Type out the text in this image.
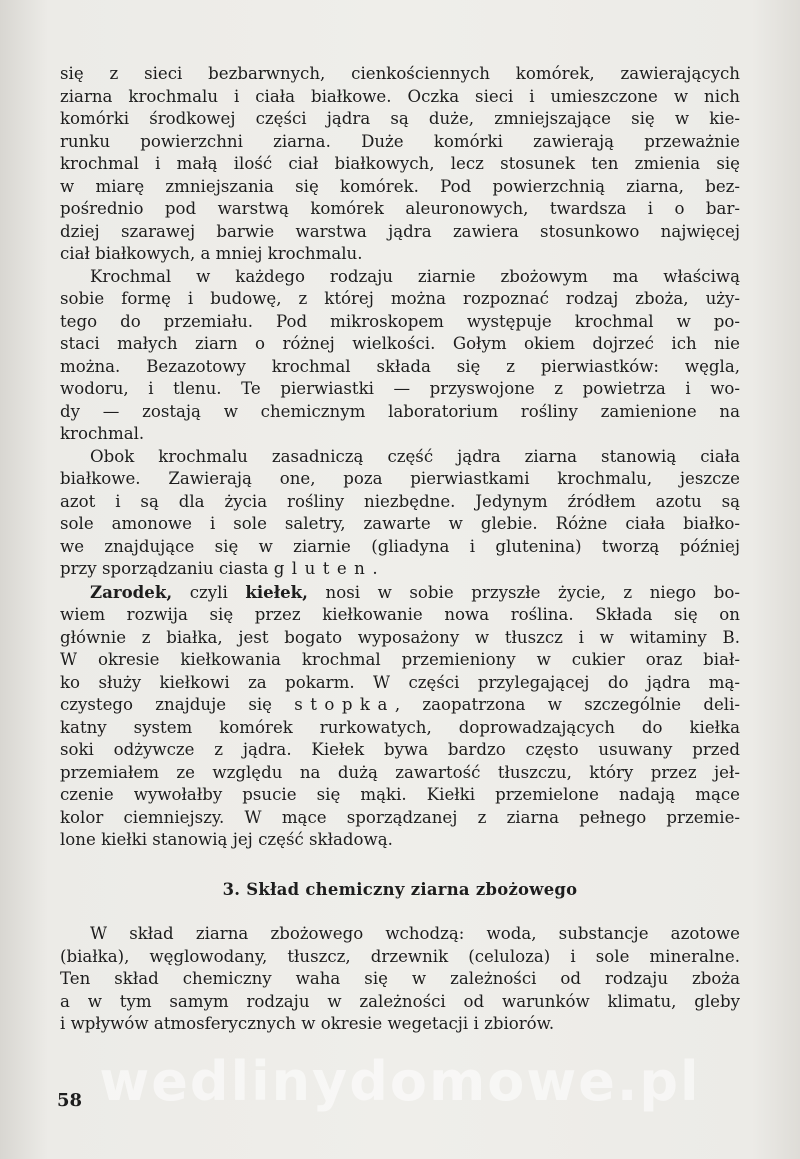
się z sieci bezbarwnych, cienkościennych komórek, zawierających
ziarna krochmalu i ciała białkowe. Oczka sieci i umieszczone w nich
komórki środkowej części jądra są duże, zmniejszające się w kie-
runku powierzchni ziarna. Duże komórki zawierają przeważnie
krochmal i małą ilość ciał białkowych, lecz stosunek ten zmienia się
w miarę zmniejszania się komórek. Pod powierzchnią ziarna, bez-
pośrednio pod warstwą komórek aleuronowych, twardsza i o bar-
dziej szarawej barwie warstwa jądra zawiera stosunkowo najwięcej
ciał białkowych, a mniej krochmalu.

Krochmal w każdego rodzaju ziarnie zbożowym ma właściwą
sobie formę i budowę, z której można rozpoznać rodzaj zboża, uży-
tego do przemiału. Pod mikroskopem występuje krochmal w po-
staci małych ziarn o różnej wielkości. Gołym okiem dojrzeć ich nie
można. Bezazotowy krochmal składa się z pierwiastków: węgla,
wodoru, i tlenu. Te pierwiastki — przyswojone z powietrza i wo-
dy — zostają w chemicznym laboratorium rośliny zamienione na
krochmal.

Obok krochmalu zasadniczą część jądra ziarna stanowią ciała
białkowe. Zawierają one, poza pierwiastkami krochmalu, jeszcze
azot i są dla życia rośliny niezbędne. Jedynym źródłem azotu są
sole amonowe i sole saletry, zawarte w glebie. Różne ciała białko-
we znajdujące się w ziarnie (gliadyna i glutenina) tworzą później
przy sporządzaniu ciasta gluten.

Zarodek, czyli kiełek, nosi w sobie przyszłe życie, z niego bo-
wiem rozwija się przez kiełkowanie nowa roślina. Składa się on
głównie z białka, jest bogato wyposażony w tłuszcz i w witaminy B.
W okresie kiełkowania krochmal przemieniony w cukier oraz biał-
ko służy kiełkowi za pokarm. W części przylegającej do jądra mą-
czystego znajduje się stopka, zaopatrzona w szczególnie deli-
katny system komórek rurkowatych, doprowadzających do kiełka
soki odżywcze z jądra. Kiełek bywa bardzo często usuwany przed
przemiałem ze względu na dużą zawartość tłuszczu, który przez jeł-
czenie wywołałby psucie się mąki. Kiełki przemielone nadają mące
kolor ciemniejszy. W mące sporządzanej z ziarna pełnego przemie-
lone kiełki stanowią jej część składową.

3. Skład chemiczny ziarna zbożowego

W skład ziarna zbożowego wchodzą: woda, substancje azotowe
(białka), węglowodany, tłuszcz, drzewnik (celuloza) i sole mineralne.
Ten skład chemiczny waha się w zależności od rodzaju zboża
a w tym samym rodzaju w zależności od warunków klimatu, gleby
i wpływów atmosferycznych w okresie wegetacji i zbiorów.

wedlinydomowe.pl
58
